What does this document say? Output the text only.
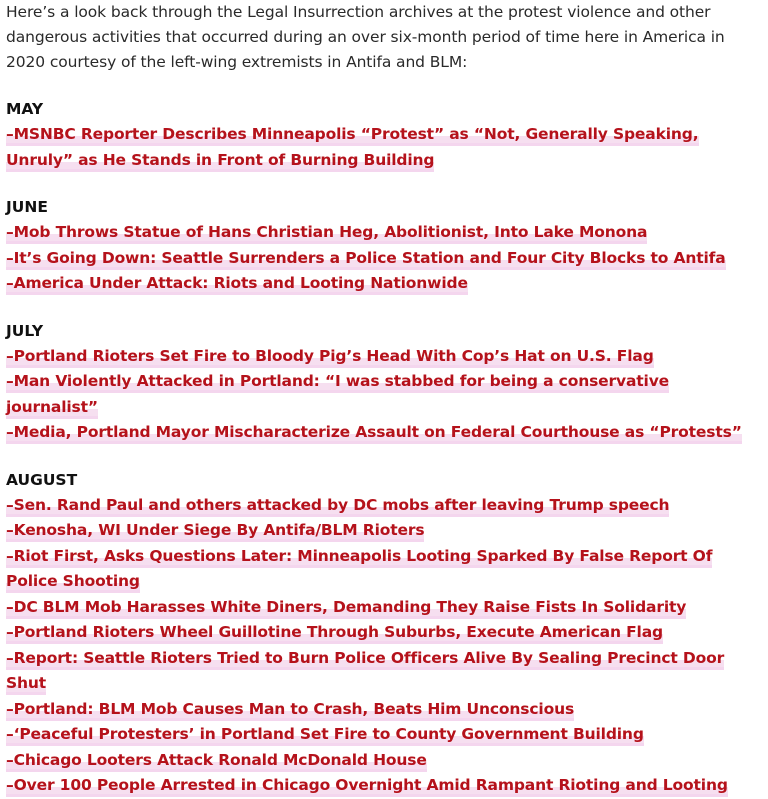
Here’s a look back through the Legal Insurrection archives at the protest violence and other dangerous activities that occurred during an over six-month period of time here in America in 2020 courtesy of the left-wing extremists in Antifa and BLM:

MAY

–MSNBC Reporter Describes Minneapolis “Protest” as “Not, Generally Speaking, Unruly” as He Stands in Front of Burning Building

JUNE

–Mob Throws Statue of Hans Christian Heg, Abolitionist, Into Lake Monona
–It’s Going Down: Seattle Surrenders a Police Station and Four City Blocks to Antifa
–America Under Attack: Riots and Looting Nationwide

JULY

–Portland Rioters Set Fire to Bloody Pig’s Head With Cop’s Hat on U.S. Flag
–Man Violently Attacked in Portland: “I was stabbed for being a conservative journalist”
–Media, Portland Mayor Mischaracterize Assault on Federal Courthouse as “Protests”

AUGUST

–Sen. Rand Paul and others attacked by DC mobs after leaving Trump speech
–Kenosha, WI Under Siege By Antifa/BLM Rioters
–Riot First, Asks Questions Later: Minneapolis Looting Sparked By False Report Of Police Shooting
–DC BLM Mob Harasses White Diners, Demanding They Raise Fists In Solidarity
–Portland Rioters Wheel Guillotine Through Suburbs, Execute American Flag
–Report: Seattle Rioters Tried to Burn Police Officers Alive By Sealing Precinct Door Shut
–Portland: BLM Mob Causes Man to Crash, Beats Him Unconscious
–‘Peaceful Protesters’ in Portland Set Fire to County Government Building
–Chicago Looters Attack Ronald McDonald House
–Over 100 People Arrested in Chicago Overnight Amid Rampant Rioting and Looting
